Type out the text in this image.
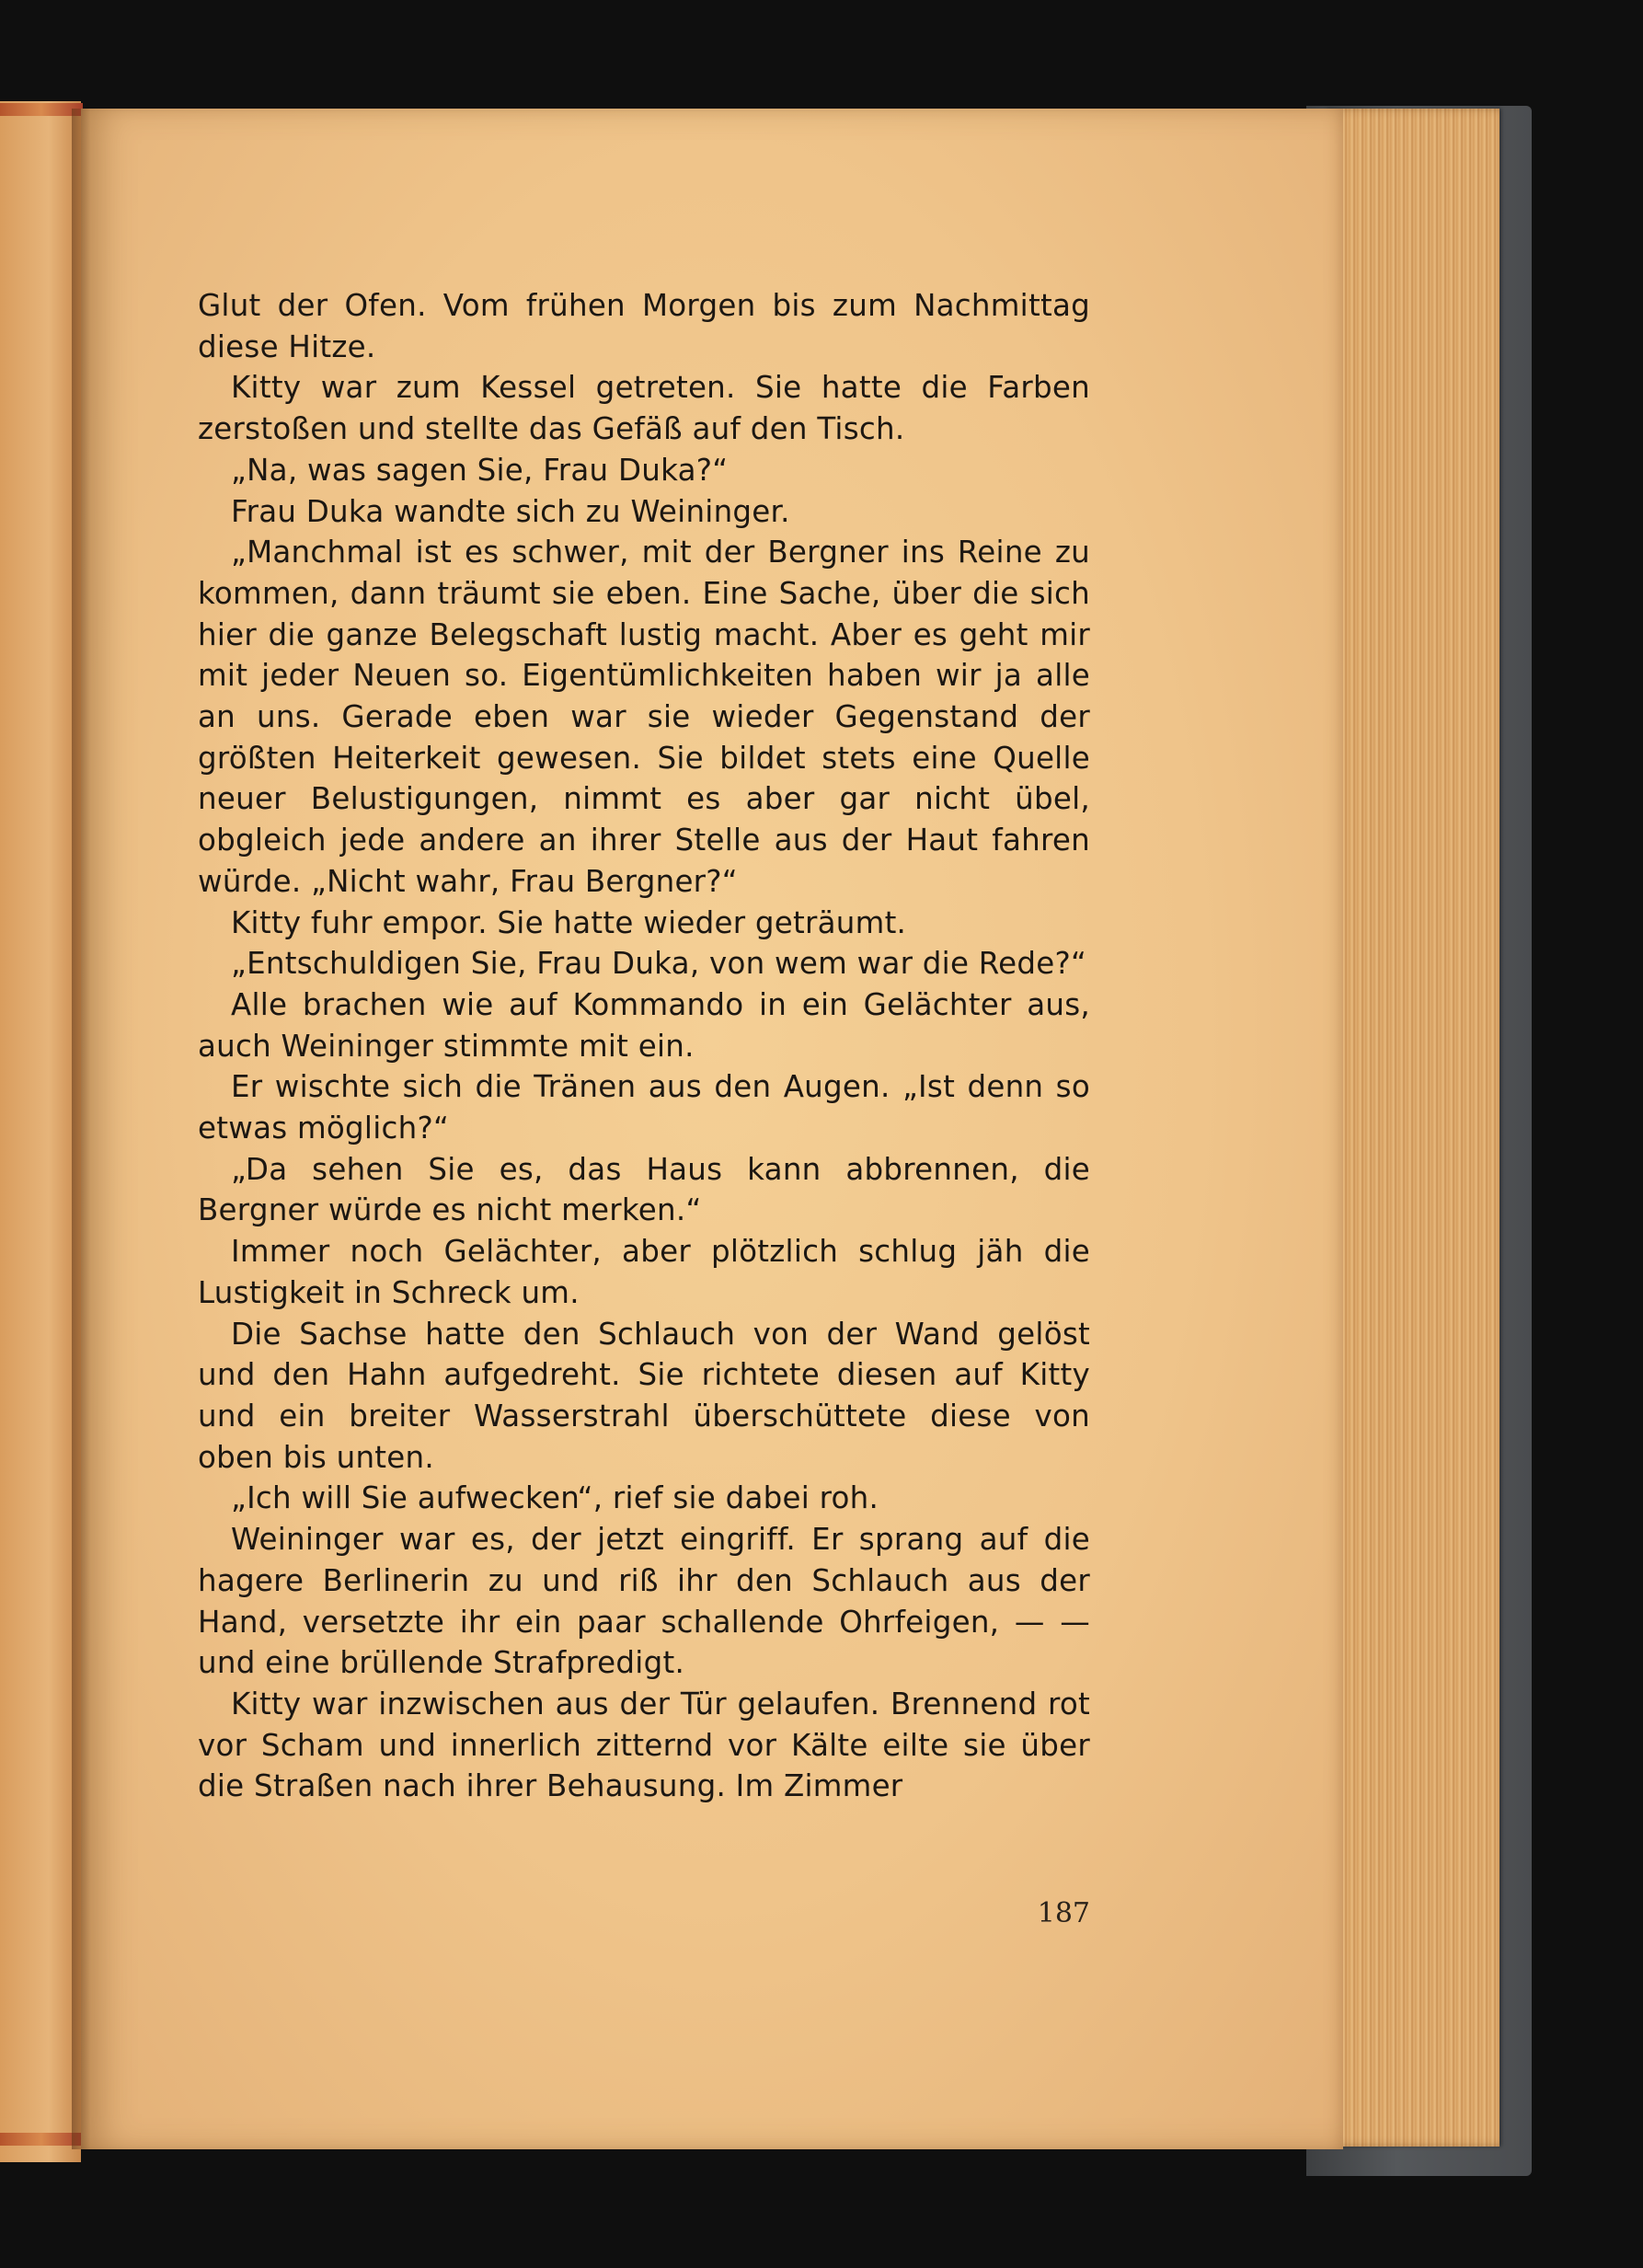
Glut der Ofen. Vom frühen Morgen bis zum Nachmittag diese Hitze.

Kitty war zum Kessel getreten. Sie hatte die Farben zerstoßen und stellte das Gefäß auf den Tisch.

„Na, was sagen Sie, Frau Duka?“

Frau Duka wandte sich zu Weininger.

„Manchmal ist es schwer, mit der Bergner ins Reine zu kommen, dann träumt sie eben. Eine Sache, über die sich hier die ganze Belegschaft lustig macht. Aber es geht mir mit jeder Neuen so. Eigentümlichkeiten haben wir ja alle an uns. Gerade eben war sie wieder Gegenstand der größten Heiterkeit gewesen. Sie bildet stets eine Quelle neuer Belustigungen, nimmt es aber gar nicht übel, obgleich jede andere an ihrer Stelle aus der Haut fahren würde. „Nicht wahr, Frau Bergner?“

Kitty fuhr empor. Sie hatte wieder geträumt.

„Entschuldigen Sie, Frau Duka, von wem war die Rede?“

Alle brachen wie auf Kommando in ein Gelächter aus, auch Weininger stimmte mit ein.

Er wischte sich die Tränen aus den Augen. „Ist denn so etwas möglich?“

„Da sehen Sie es, das Haus kann abbrennen, die Bergner würde es nicht merken.“

Immer noch Gelächter, aber plötzlich schlug jäh die Lustigkeit in Schreck um.

Die Sachse hatte den Schlauch von der Wand gelöst und den Hahn aufgedreht. Sie richtete diesen auf Kitty und ein breiter Wasserstrahl überschüttete diese von oben bis unten.

„Ich will Sie aufwecken“, rief sie dabei roh.

Weininger war es, der jetzt eingriff. Er sprang auf die hagere Berlinerin zu und riß ihr den Schlauch aus der Hand, versetzte ihr ein paar schallende Ohrfeigen, — — und eine brüllende Strafpredigt.

Kitty war inzwischen aus der Tür gelaufen. Brennend rot vor Scham und innerlich zitternd vor Kälte eilte sie über die Straßen nach ihrer Behausung. Im Zimmer

187
